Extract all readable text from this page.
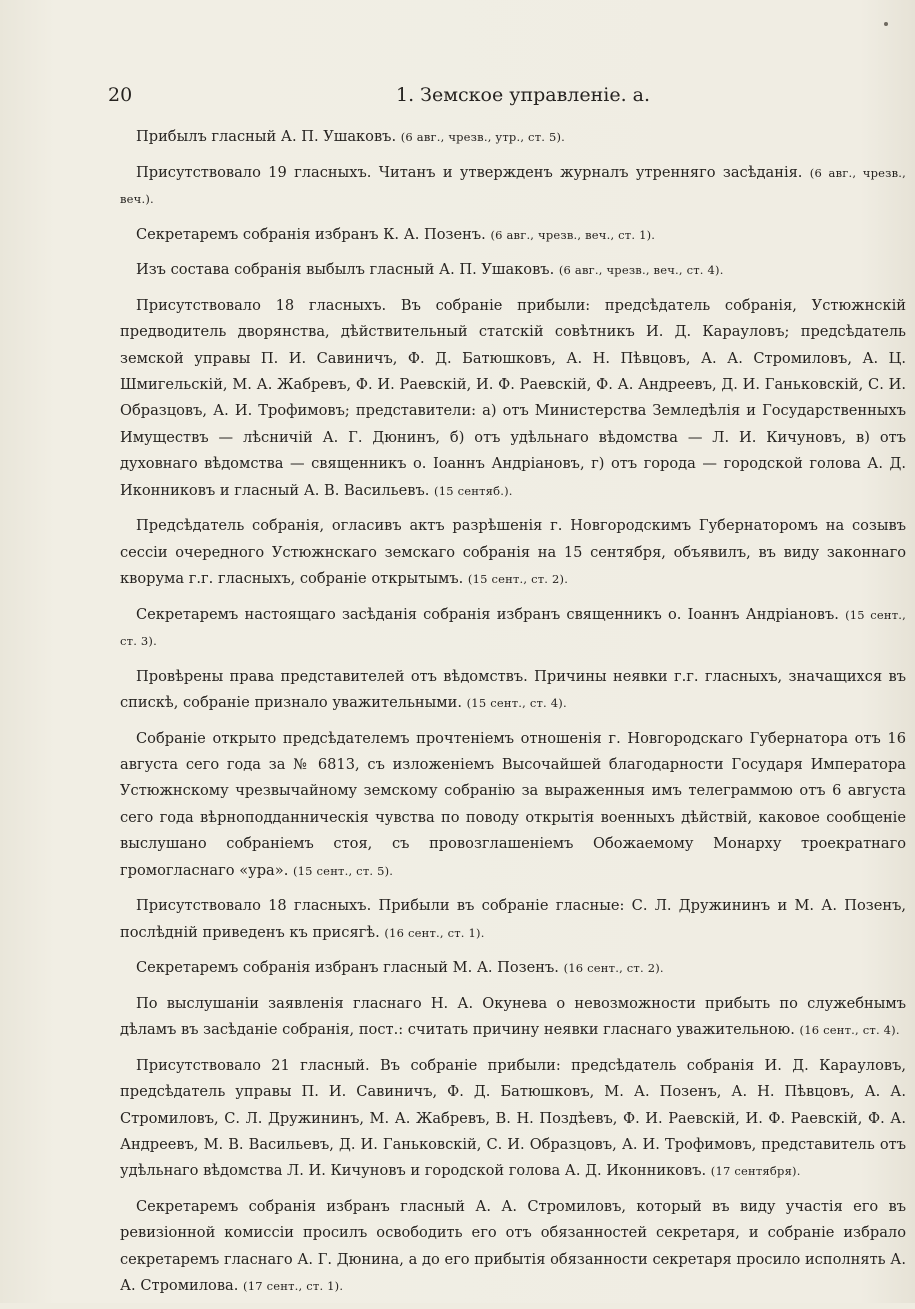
20	1. Земское управленіе. а.

Прибылъ гласный А. П. Ушаковъ. (6 авг., чрезв., утр., ст. 5).

Присутствовало 19 гласныхъ. Читанъ и утвержденъ журналъ утренняго засѣданія. (6 авг., чрезв., веч.).

Секретаремъ собранія избранъ К. А. Позенъ. (6 авг., чрезв., веч., ст. 1).

Изъ состава собранія выбылъ гласный А. П. Ушаковъ. (6 авг., чрезв., веч., ст. 4).

Присутствовало 18 гласныхъ. Въ собраніе прибыли: предсѣдатель собранія, Устюжнскій предводитель дворянства, дѣйствительный статскій совѣтникъ И. Д. Карауловъ; предсѣдатель земской управы П. И. Савиничъ, Ф. Д. Батюшковъ, А. Н. Пѣвцовъ, А. А. Стромиловъ, А. Ц. Шмигельскій, М. А. Жабревъ, Ф. И. Раевскій, И. Ф. Раевскій, Ф. А. Андреевъ, Д. И. Ганьковскій, С. И. Образцовъ, А. И. Трофимовъ; представители: а) отъ Министерства Земледѣлія и Государственныхъ Имуществъ — лѣсничій А. Г. Дюнинъ, б) отъ удѣльнаго вѣдомства — Л. И. Кичуновъ, в) отъ духовнаго вѣдомства — священникъ о. Іоаннъ Андріановъ, г) отъ города — городской голова А. Д. Иконниковъ и гласный А. В. Васильевъ. (15 сентяб.).

Предсѣдатель собранія, огласивъ актъ разрѣшенія г. Новгородскимъ Губернаторомъ на созывъ сессіи очередного Устюжнскаго земскаго собранія на 15 сентября, объявилъ, въ виду законнаго кворума г.г. гласныхъ, собраніе открытымъ. (15 сент., ст. 2).

Секретаремъ настоящаго засѣданія собранія избранъ священникъ о. Іоаннъ Андріановъ. (15 сент., ст. 3).

Провѣрены права представителей отъ вѣдомствъ. Причины неявки г.г. гласныхъ, значащихся въ спискѣ, собраніе признало уважительными. (15 сент., ст. 4).

Собраніе открыто предсѣдателемъ прочтеніемъ отношенія г. Новгородскаго Губернатора отъ 16 августа сего года за № 6813, съ изложеніемъ Высочайшей благодарности Государя Императора Устюжнскому чрезвычайному земскому собранію за выраженныя имъ телеграммою отъ 6 августа сего года вѣрноподданническія чувства по поводу открытія военныхъ дѣйствій, каковое сообщеніе выслушано собраніемъ стоя, съ провозглашеніемъ Обожаемому Монарху троекратнаго громогласнаго «ура». (15 сент., ст. 5).

Присутствовало 18 гласныхъ. Прибыли въ собраніе гласные: С. Л. Дружининъ и М. А. Позенъ, послѣдній приведенъ къ присягѣ. (16 сент., ст. 1).

Секретаремъ собранія избранъ гласный М. А. Позенъ. (16 сент., ст. 2).

По выслушаніи заявленія гласнаго Н. А. Окунева о невозможности прибыть по служебнымъ дѣламъ въ засѣданіе собранія, пост.: считать причину неявки гласнаго уважительною. (16 сент., ст. 4).

Присутствовало 21 гласный. Въ собраніе прибыли: предсѣдатель собранія И. Д. Карауловъ, предсѣдатель управы П. И. Савиничъ, Ф. Д. Батюшковъ, М. А. Позенъ, А. Н. Пѣвцовъ, А. А. Стромиловъ, С. Л. Дружининъ, М. А. Жабревъ, В. Н. Поздѣевъ, Ф. И. Раевскій, И. Ф. Раевскій, Ф. А. Андреевъ, М. В. Васильевъ, Д. И. Ганьковскій, С. И. Образцовъ, А. И. Трофимовъ, представитель отъ удѣльнаго вѣдомства Л. И. Кичуновъ и городской голова А. Д. Иконниковъ. (17 сентября).

Секретаремъ собранія избранъ гласный А. А. Стромиловъ, который въ виду участія его въ ревизіонной комиссіи просилъ освободить его отъ обязанностей секретаря, и собраніе избрало секретаремъ гласнаго А. Г. Дюнина, а до его прибытія обязанности секретаря просило исполнять А. А. Стромилова. (17 сент., ст. 1).
